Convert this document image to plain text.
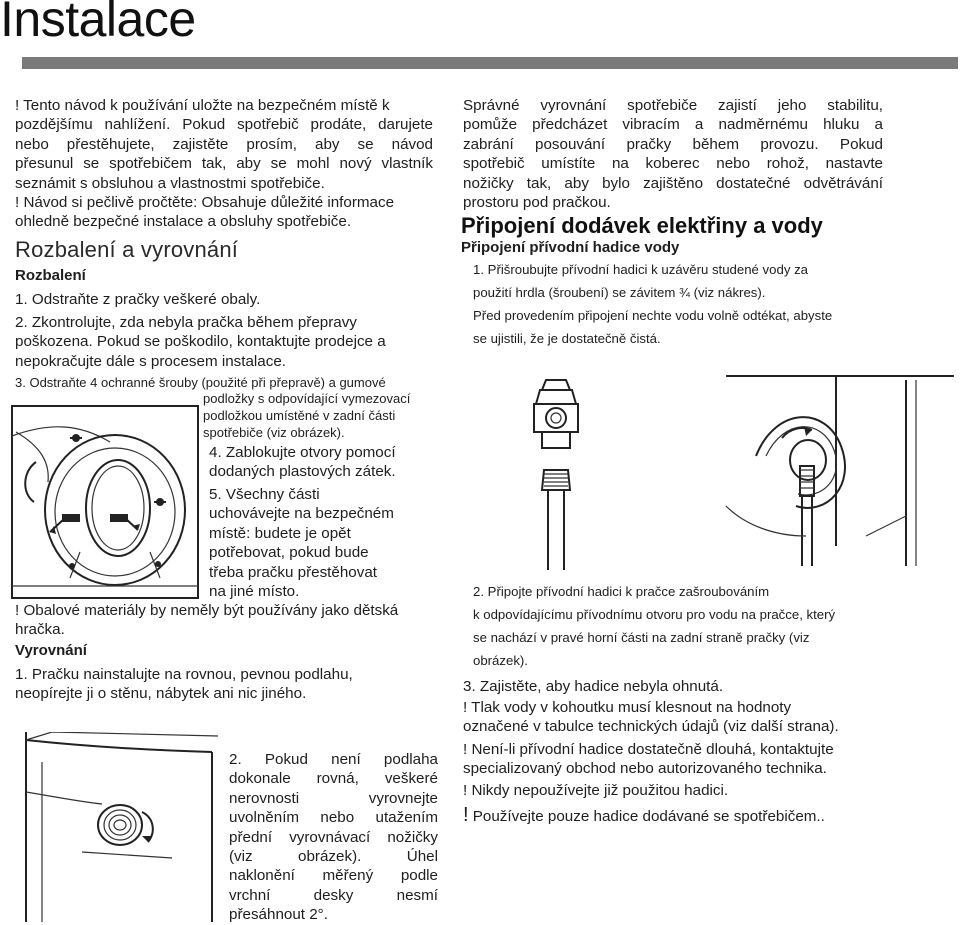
Instalace
! Tento návod k používání uložte na bezpečném místě k
pozdějšímu nahlížení. Pokud spotřebič prodáte, darujete
nebo přestěhujete, zajistěte prosím, aby se návod
přesunul se spotřebičem tak, aby se mohl nový vlastník
seznámit s obsluhou a vlastnostmi spotřebiče.
! Návod si pečlivě pročtěte: Obsahuje důležité informace
ohledně bezpečné instalace a obsluhy spotřebiče.
Rozbalení a vyrovnání
Rozbalení
1. Odstraňte z pračky veškeré obaly.
2. Zkontrolujte, zda nebyla pračka během přepravy
poškozena. Pokud se poškodilo, kontaktujte prodejce a
nepokračujte dále s procesem instalace.
3. Odstraňte 4 ochranné šrouby (použité při přepravě) a gumové
podložky s odpovídající vymezovací
podložkou umístěné v zadní části
spotřebiče (viz obrázek).
4. Zablokujte otvory pomocí
dodaných plastových zátek.
5. Všechny části
uchovávejte na bezpečném
místě: budete je opět
potřebovat, pokud bude
třeba pračku přestěhovat
na jiné místo.
! Obalové materiály by neměly být používány jako dětská
hračka.
Vyrovnání
1. Pračku nainstalujte na rovnou, pevnou podlahu,
neopírejte ji o stěnu, nábytek ani nic jiného.
2. Pokud není podlaha
dokonale rovná, veškeré
nerovnosti vyrovnejte
uvolněním nebo utažením
přední vyrovnávací nožičky
(viz obrázek). Úhel
naklonění měřený podle
vrchní desky nesmí
přesáhnout 2°.
Správné vyrovnání spotřebiče zajistí jeho stabilitu,
pomůže předcházet vibracím a nadměrnému hluku a
zabrání posouvání pračky během provozu. Pokud
spotřebič umístíte na koberec nebo rohož, nastavte
nožičky tak, aby bylo zajištěno dostatečné odvětrávání
prostoru pod pračkou.
Připojení dodávek elektřiny a vody
Připojení přívodní hadice vody
1. Přišroubujte přívodní hadici k uzávěru studené vody za
použití hrdla (šroubení) se závitem ¾ (viz nákres).
Před provedením připojení nechte vodu volně odtékat, abyste
se ujistili, že je dostatečně čistá.
2. Připojte přívodní hadici k pračce zašroubováním
k odpovídajícímu přívodnímu otvoru pro vodu na pračce, který
se nachází v pravé horní části na zadní straně pračky (viz
obrázek).
3. Zajistěte, aby hadice nebyla ohnutá.
! Tlak vody v kohoutku musí klesnout na hodnoty
označené v tabulce technických údajů (viz další strana).
! Není-li přívodní hadice dostatečně dlouhá, kontaktujte
specializovaný obchod nebo autorizovaného technika.
! Nikdy nepoužívejte již použitou hadici.
! Používejte pouze hadice dodávané se spotřebičem..
